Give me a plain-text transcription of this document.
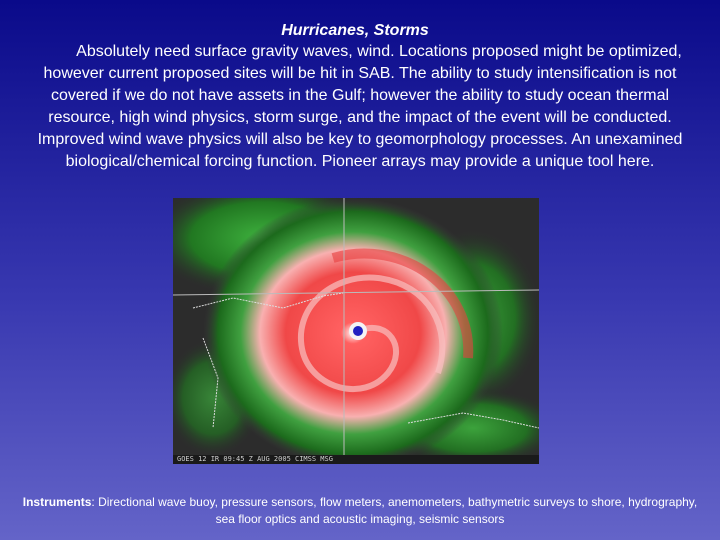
Hurricanes, Storms
Absolutely need surface gravity waves, wind. Locations proposed might be optimized, however current proposed sites will be hit in SAB. The ability to study intensification is not covered if we do not have assets in the Gulf; however the ability to study ocean thermal resource, high wind physics, storm surge, and the impact of the event will be conducted. Improved wind wave physics will also be key to geomorphology processes. An unexamined biological/chemical forcing function. Pioneer arrays may provide a unique tool here.
GOES 12 IR 09:45 Z AUG 2005 CIMSS MSG
Instruments: Directional wave buoy, pressure sensors, flow meters, anemometers, bathymetric surveys to shore, hydrography, sea floor optics and acoustic imaging, seismic sensors
